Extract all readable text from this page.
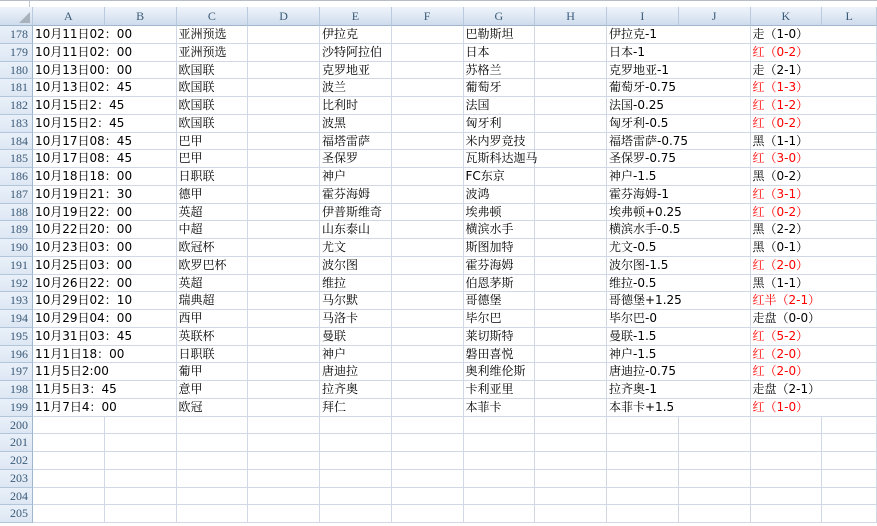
A	B	C	D	E	F	G	H	I	J	K	L
178 10月11日02：00	亚洲预选	伊拉克	巴勒斯坦	伊拉克-1	走（1-0）
179 10月11日02：00	亚洲预选	沙特阿拉伯	日本	日本-1	红（0-2）
180 10月13日00：00	欧国联	克罗地亚	苏格兰	克罗地亚-1	走（2-1）
181 10月13日02：45	欧国联	波兰	葡萄牙	葡萄牙-0.75	红（1-3）
182 10月15日2：45	欧国联	比利时	法国	法国-0.25	红（1-2）
183 10月15日2：45	欧国联	波黑	匈牙利	匈牙利-0.5	红（0-2）
184 10月17日08：45	巴甲	福塔雷萨	米内罗竞技	福塔雷萨-0.75	黑（1-1）
185 10月17日08：45	巴甲	圣保罗	瓦斯科达迦马	圣保罗-0.75	红（3-0）
186 10月18日18：00	日职联	神户	FC东京	神户-1.5	黑（0-2）
187 10月19日21：30	德甲	霍芬海姆	波鸿	霍芬海姆-1	红（3-1）
188 10月19日22：00	英超	伊普斯维奇	埃弗顿	埃弗顿+0.25	红（0-2）
189 10月22日20：00	中超	山东泰山	横滨水手	横滨水手-0.5	黑（2-2）
190 10月23日03：00	欧冠杯	尤文	斯图加特	尤文-0.5	黑（0-1）
191 10月25日03：00	欧罗巴杯	波尔图	霍芬海姆	波尔图-1.5	红（2-0）
192 10月26日22：00	英超	维拉	伯恩茅斯	维拉-0.5	黑（1-1）
193 10月29日02：10	瑞典超	马尔默	哥德堡	哥德堡+1.25	红半（2-1）
194 10月29日04：00	西甲	马洛卡	毕尔巴	毕尔巴-0	走盘（0-0）
195 10月31日03：45	英联杯	曼联	莱切斯特	曼联-1.5	红（5-2）
196 11月1日18：00	日职联	神户	磐田喜悦	神户-1.5	红（2-0）
197 11月5日2:00	葡甲	唐迪拉	奥利维伦斯	唐迪拉-0.75	红（2-0）
198 11月5日3：45	意甲	拉齐奥	卡利亚里	拉齐奥-1	走盘（2-1）
199 11月7日4：00	欧冠	拜仁	本菲卡	本菲卡+1.5	红（1-0）
200
201
202
203
204
205
